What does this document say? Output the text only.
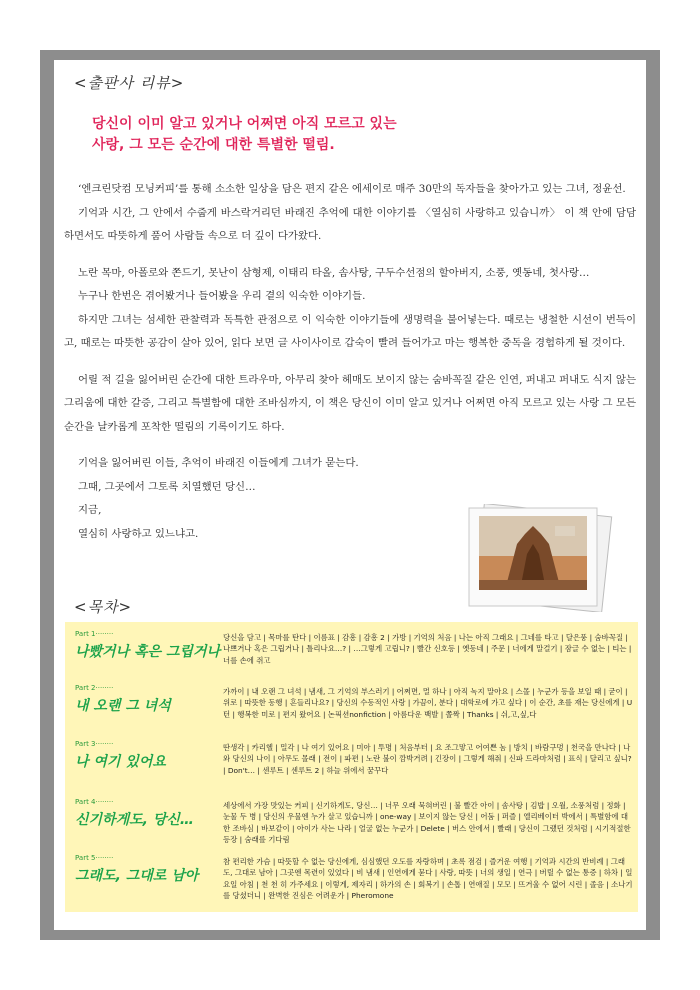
<출판사 리뷰>
당신이 이미 알고 있거나 어쩌면 아직 모르고 있는
사랑, 그 모든 순간에 대한 특별한 떨림.

‘엔크린닷컴 모닝커피’를 통해 소소한 일상을 담은 편지 같은 에세이로 매주 30만의 독자들을 찾아가고 있는 그녀, 정윤선.

기억과 시간, 그 안에서 수줍게 바스락거리던 바래진 추억에 대한 이야기를 〈열심히 사랑하고 있습니까〉 이 책 안에 담담하면서도 따뜻하게 품어 사람들 속으로 더 깊이 다가왔다.

노란 목마, 아폴로와 쫀드기, 못난이 삼형제, 이태리 타올, 솜사탕, 구두수선점의 할아버지, 소풍, 옛동네, 첫사랑…

누구나 한번은 겪어봤거나 들어봤을 우리 곁의 익숙한 이야기들.

하지만 그녀는 섬세한 관찰력과 독특한 관점으로 이 익숙한 이야기들에 생명력을 불어넣는다. 때로는 냉철한 시선이 번득이고, 때로는 따뜻한 공감이 살아 있어, 읽다 보면 글 사이사이로 갑숙이 빨려 들어가고 마는 행복한 중독을 경험하게 될 것이다.

어릴 적 길을 잃어버린 순간에 대한 트라우마, 아무리 찾아 헤매도 보이지 않는 숨바꼭질 같은 인연, 퍼내고 퍼내도 식지 않는 그리움에 대한 갈증, 그리고 특별함에 대한 조바심까지, 이 책은 당신이 이미 알고 있거나 어쩌면 아직 모르고 있는 사랑 그 모든 순간을 날카롭게 포착한 떨림의 기록이기도 하다.

기억을 잃어버린 이들, 추억이 바래진 이들에게 그녀가 묻는다.

그때, 그곳에서 그토록 치열했던 당신…

지금,

열심히 사랑하고 있느냐고.

<목차>
Part 1········
나빴거나 혹은 그립거나
당신을 담고 | 목마를 탄다 | 이름표 | 감흥 | 감흥 2 | 가방 | 기억의 처음 | 나는 아직 그래요 | 그네를 타고 | 달은풍 | 숨바꼭질 | 나쁘거나 혹은 그립거나 | 틀리나요…? | …그렇게 고립니? | 빨간 신호등 | 옛동네 | 주문 | 너에게 말걸기 | 잠글 수 없는 | 티는 | 너를 손에 쥐고
Part 2········
내 오랜 그 녀석
가까이 | 내 오랜 그 녀석 | 냄새, 그 기억의 부스러기 | 어쩌면, 멀 하나 | 아직 녹지 말아요 | 스몰 | 누군가 등을 보일 때 | 굳이 | 위로 | 따뜻한 동행 | 흔들리나요? | 당신의 수동적인 사랑 | 가끔이, 분다 | 대학로에 가고 싶다 | 이 순간, 초를 재는 당신에게 | U턴 | 행복한 미로 | 편지 왔어요 | 논픽션nonfiction | 아름다운 백발 | 쫄짝 | Thanks | 쉬,고,싶,다
Part 3········
나 여기 있어요
딴생각 | 카리헬 | 밀각 | 나 여기 있어요 | 미아 | 투명 | 처음부터 | 요 조그맣고 어여쁜 놈 | 방치 | 바람구멍 | 천국을 만나다 | 나와 당신의 나이 | 아무도 몰래 | 전이 | 파편 | 노란 불이 깜박거려 | 긴장이 | 그렇게 해줘 | 신파 드라마처럼 | 표식 | 달리고 싶니? | Don't… | 센루트 | 센루트 2 | 하늘 위에서 꿈꾸다
Part 4········
신기하게도, 당신…
세상에서 가장 맛있는 커피 | 신기하게도, 당신… | 너무 오래 묵혀버린 | 불 빨간 아이 | 솜사탕 | 김밥 | 오월, 소풍처럼 | 정화 | 눈물 두 병 | 당신의 우물엔 누가 살고 있습니까 | one-way | 보이지 않는 당신 | 어둠 | 퍼즐 | 엘리베이터 박에서 | 특별함에 대한 조바심 | 바보같이 | 아이가 사는 나라 | 얼굴 없는 누군가 | Delete | 버스 안에서 | 빨래 | 당신이 그랬던 것처럼 | 시기적절한 등장 | 숨래를 기다림
Part 5········
그래도, 그대로 남아
참 편리한 가슴 | 따뜻할 수 없는 당신에게, 심심했던 오도를 자랑하며 | 초록 점검 | 즐거운 여행 | 기억과 시간의 반비례 | 그래도, 그대로 남아 | 그곳엔 목련이 있었다 | 비 냄새 | 인연에게 묻다 | 사랑, 따뜻 | 너의 생일 | 연극 | 버릴 수 없는 통증 | 하차 | 일요일 아침 | 천 천 히 가주세요 | 이렇게, 제자리 | 하가의 손 | 회복기 | 손톱 | 연애질 | 모모 | 뜨거울 수 없어 시린 | 졸음 | 소나기를 당셨더니 | 완벽한 진심은 어려운가 | Pheromone
